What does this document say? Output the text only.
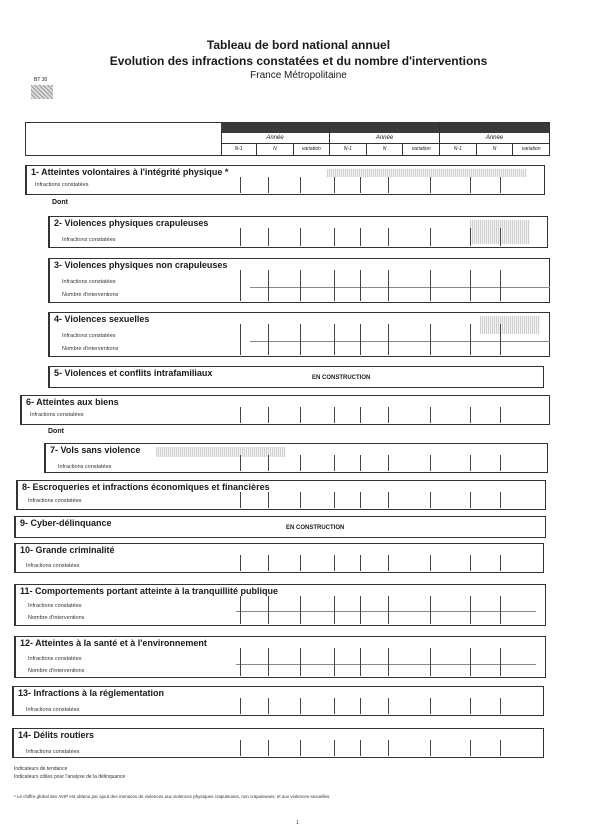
Tableau de bord national annuel
Evolution des infractions constatées et du nombre d'interventions
France Métropolitaine
BT 30
Année
N-1	N	variation
Année
N-1	N	variation
Année
N-1	N	variation
1- Atteintes volontaires à l'intégrité physique *
Infractions constatées
Dont
2- Violences physiques crapuleuses
Infractions constatées
3- Violences physiques non crapuleuses
Infractions constatées
Nombre d'interventions
4- Violences sexuelles
Infractions constatées
Nombre d'interventions
5- Violences et conflits intrafamiliaux	EN CONSTRUCTION
6- Atteintes aux biens
Infractions constatées
Dont
7- Vols sans violence
Infractions constatées
8- Escroqueries et infractions économiques et financières
Infractions constatées
9- Cyber-délinquance	EN CONSTRUCTION
10- Grande criminalité
Infractions constatées
11- Comportements portant atteinte à la tranquillité publique
Infractions constatées
Nombre d'interventions
12- Atteintes à la santé et à l'environnement
Infractions constatées
Nombre d'interventions
13- Infractions à la réglementation
Infractions constatées
14- Délits routiers
Infractions constatées
Indicateurs de tendance
Indicateurs cibles pour l'analyse de la délinquance
* Le chiffre global des AVIP est obtenu par ajout des menaces de violences aux violences physiques crapuleuses, non crapuleuses, et aux violences sexuelles.
1
